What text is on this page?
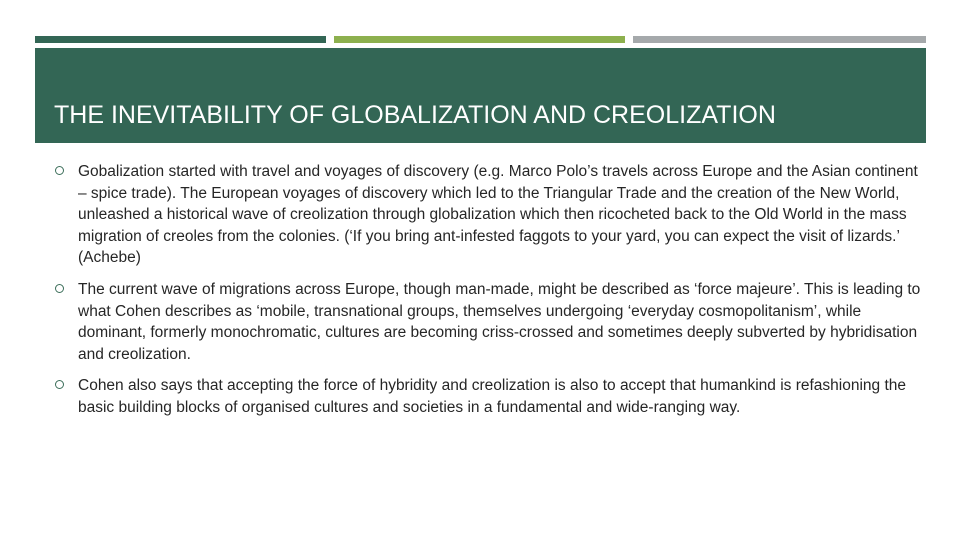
THE INEVITABILITY OF GLOBALIZATION AND CREOLIZATION
Gobalization started with travel and voyages of discovery (e.g. Marco Polo’s travels across Europe and the Asian continent – spice trade). The European voyages of discovery which led to the Triangular Trade and the creation of the New World, unleashed a historical wave of creolization through globalization which then ricocheted back to the Old World in the mass migration of creoles from the colonies. (‘If you bring ant-infested faggots to your yard, you can expect the visit of lizards.’ (Achebe)
The current wave of migrations across Europe, though man-made, might be described as ‘force majeure’. This is leading to what Cohen describes as ‘mobile, transnational groups, themselves undergoing ‘everyday cosmopolitanism’, while dominant, formerly monochromatic, cultures are becoming criss-crossed and sometimes deeply subverted by hybridisation and creolization.
Cohen also says that accepting the force of hybridity and creolization is also to accept that humankind is refashioning the basic building blocks of organised cultures and societies in a fundamental and wide-ranging way.
